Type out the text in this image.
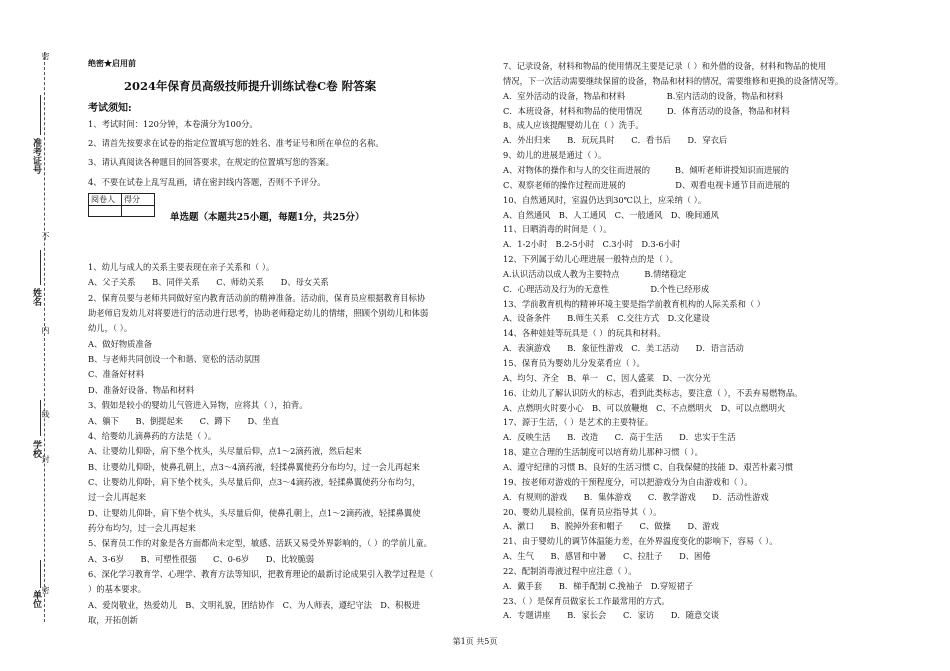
密
不
内
线
封
密
准考证号
姓名
学校
单位
绝密★启用前
2024年保育员高级技师提升训练试卷C卷 附答案
考试须知:
1、考试时间：120分钟，本卷满分为100分。
2、请首先按要求在试卷的指定位置填写您的姓名、准考证号和所在单位的名称。
3、请认真阅读各种题目的回答要求，在规定的位置填写您的答案。
4、不要在试卷上乱写乱画，请在密封线内答题，否则不予评分。
阅卷人	得分

单选题（本题共25小题，每题1分，共25分）
1、幼儿与成人的关系主要表现在亲子关系和（ ）。
A、父子关系　　B、同伴关系　　C、师幼关系　　D、母女关系
2、保育员要与老师共同做好室内教育活动前的精神准备。活动前，保育员应根据教育目标协
助老师启发幼儿对将要进行的活动进行思考，协助老师稳定幼儿的情绪，照顾个别幼儿和体弱
幼儿，（ ）。
A、做好物质准备
B、与老师共同创设一个和谐、宽松的活动氛围
C、准备好材料
D、准备好设备、物品和材料
3、假如是较小的婴幼儿气管进入异物，应将其（ ），拍背。
A、躺下　　B、倒提起来　　C、蹲下　　D、坐直
4、给婴幼儿滴鼻药的方法是（ ）。
A、让婴幼儿仰卧，肩下垫个枕头，头尽量后仰，点1～2滴药液，然后起来
B、让婴幼儿仰卧，使鼻孔朝上，点3～4滴药液，轻揉鼻翼使药分布均匀，过一会儿再起来
C、让婴幼儿仰卧，肩下垫个枕头，头尽量后仰，点3～4滴药液，轻揉鼻翼使药分布均匀，
过一会儿再起来
D、让婴幼儿仰卧，肩下垫个枕头，头尽量后仰，使鼻孔朝上，点1～2滴药液，轻揉鼻翼使
药分布均匀，过一会儿再起来
5、保育员工作的对象是各方面都尚未定型，敏感、活跃又易受外界影响的，（ ）的学前儿童。
A、3-6岁　　B、可塑性很强　　C、0-6岁　　D、比较脆弱
6、深化学习教育学、心理学、教育方法等知识，把教育理论的最新讨论成果引入教学过程是（
）的基本要求。
A、爱岗敬业，热爱幼儿　B、文明礼貌，团结协作　C、为人师表，遵纪守法　D、积极进
取，开拓创新
7、记录设备，材料和物品的使用情况主要是记录（ ）和外借的设备，材料和物品的使用
情况，下一次活动需要继续保留的设备，物品和材料的情况，需要维修和更换的设备情况等。
A．室外活动的设备，物品和材料　　　　　B.室内活动的设备，物品和材料
C．本班设备，材料和物品的使用情况　　　D．体育活动的设备，物品和材料
8、成人应该提醒婴幼儿在（ ）洗手。
A．外出归来　　B．玩玩具时　　C．看书后　　D．穿衣后
9、幼儿的进展是通过（ ）。
A、对物体的操作和与人的交往而进展的　　　B、倾听老师讲授知识而进展的
C、观察老师的操作过程而进展的　　　　　　D、观看电视卡通节目而进展的
10、自然通风时，室温仍达到30℃以上，应采纳（ ）。
A、自然通风　B、人工通风　C、一般通风　D、晚间通风
11、日晒消毒的时间是（ ）。
A．1-2小时　B.2-5小时　C.3小时　D.3-6小时
12、下列属于幼儿心理进展一般特点的是（ ）。
A.认识活动以成人教为主要特点　　　B.情绪稳定
C．心理活动及行为的无意性　　　　　D.个性已经形成
13、学前教育机构的精神环境主要是指学前教育机构的人际关系和（ ）
A、设备条件　　B.师生关系　C.交往方式　D.文化建设
14、各种娃娃等玩具是（ ）的玩具和材料。
A．表演游戏　　B．象征性游戏　C．美工活动　　D．语言活动
15、保育员为婴幼儿分发菜肴应（ ）。
A、均匀、齐全　B、单一　C、因人盛菜　D、一次分光
16、让幼儿了解认识防火的标志，看到此类标志，要注意（ ），不丢弃易燃物品。
A、点燃明火时要小心　B、可以放鞭炮　C、不点燃明火　D、可以点燃明火
17、源于生活，（ ）是艺术的主要特征。
A．反映生活　　B．改造　　C．高于生活　　D．忠实于生活
18、建立合理的生活制度可以培育幼儿那种习惯（ ）。
A、遵守纪律的习惯 B、良好的生活习惯 C、自我保健的技能 D、艰苦朴素习惯
19、按老师对游戏的干预程度分，可以把游戏分为自由游戏和（ ）。
A．有规则的游戏　　B．集体游戏　　C．教学游戏　　D．活动性游戏
20、婴幼儿晨检前，保育员应指导其（ ）。
A、漱口　　B、脱掉外套和帽子　　C、做操　　D、游戏
21、由于婴幼儿的调节体温能力差，在外界温度变化的影响下，容易（ ）。
A、生气　　B、感冒和中暑　　C、拉肚子　　D、困倦
22、配制消毒液过程中应注意（ ）。
A．戴手套　　B．梯手配制 C.挽袖子　D.穿短裙子
23、（ ）是保育员做家长工作最常用的方式。
A．专题讲座　　B．家长会　　C．家访　　D．随意交谈
第1页 共5页
